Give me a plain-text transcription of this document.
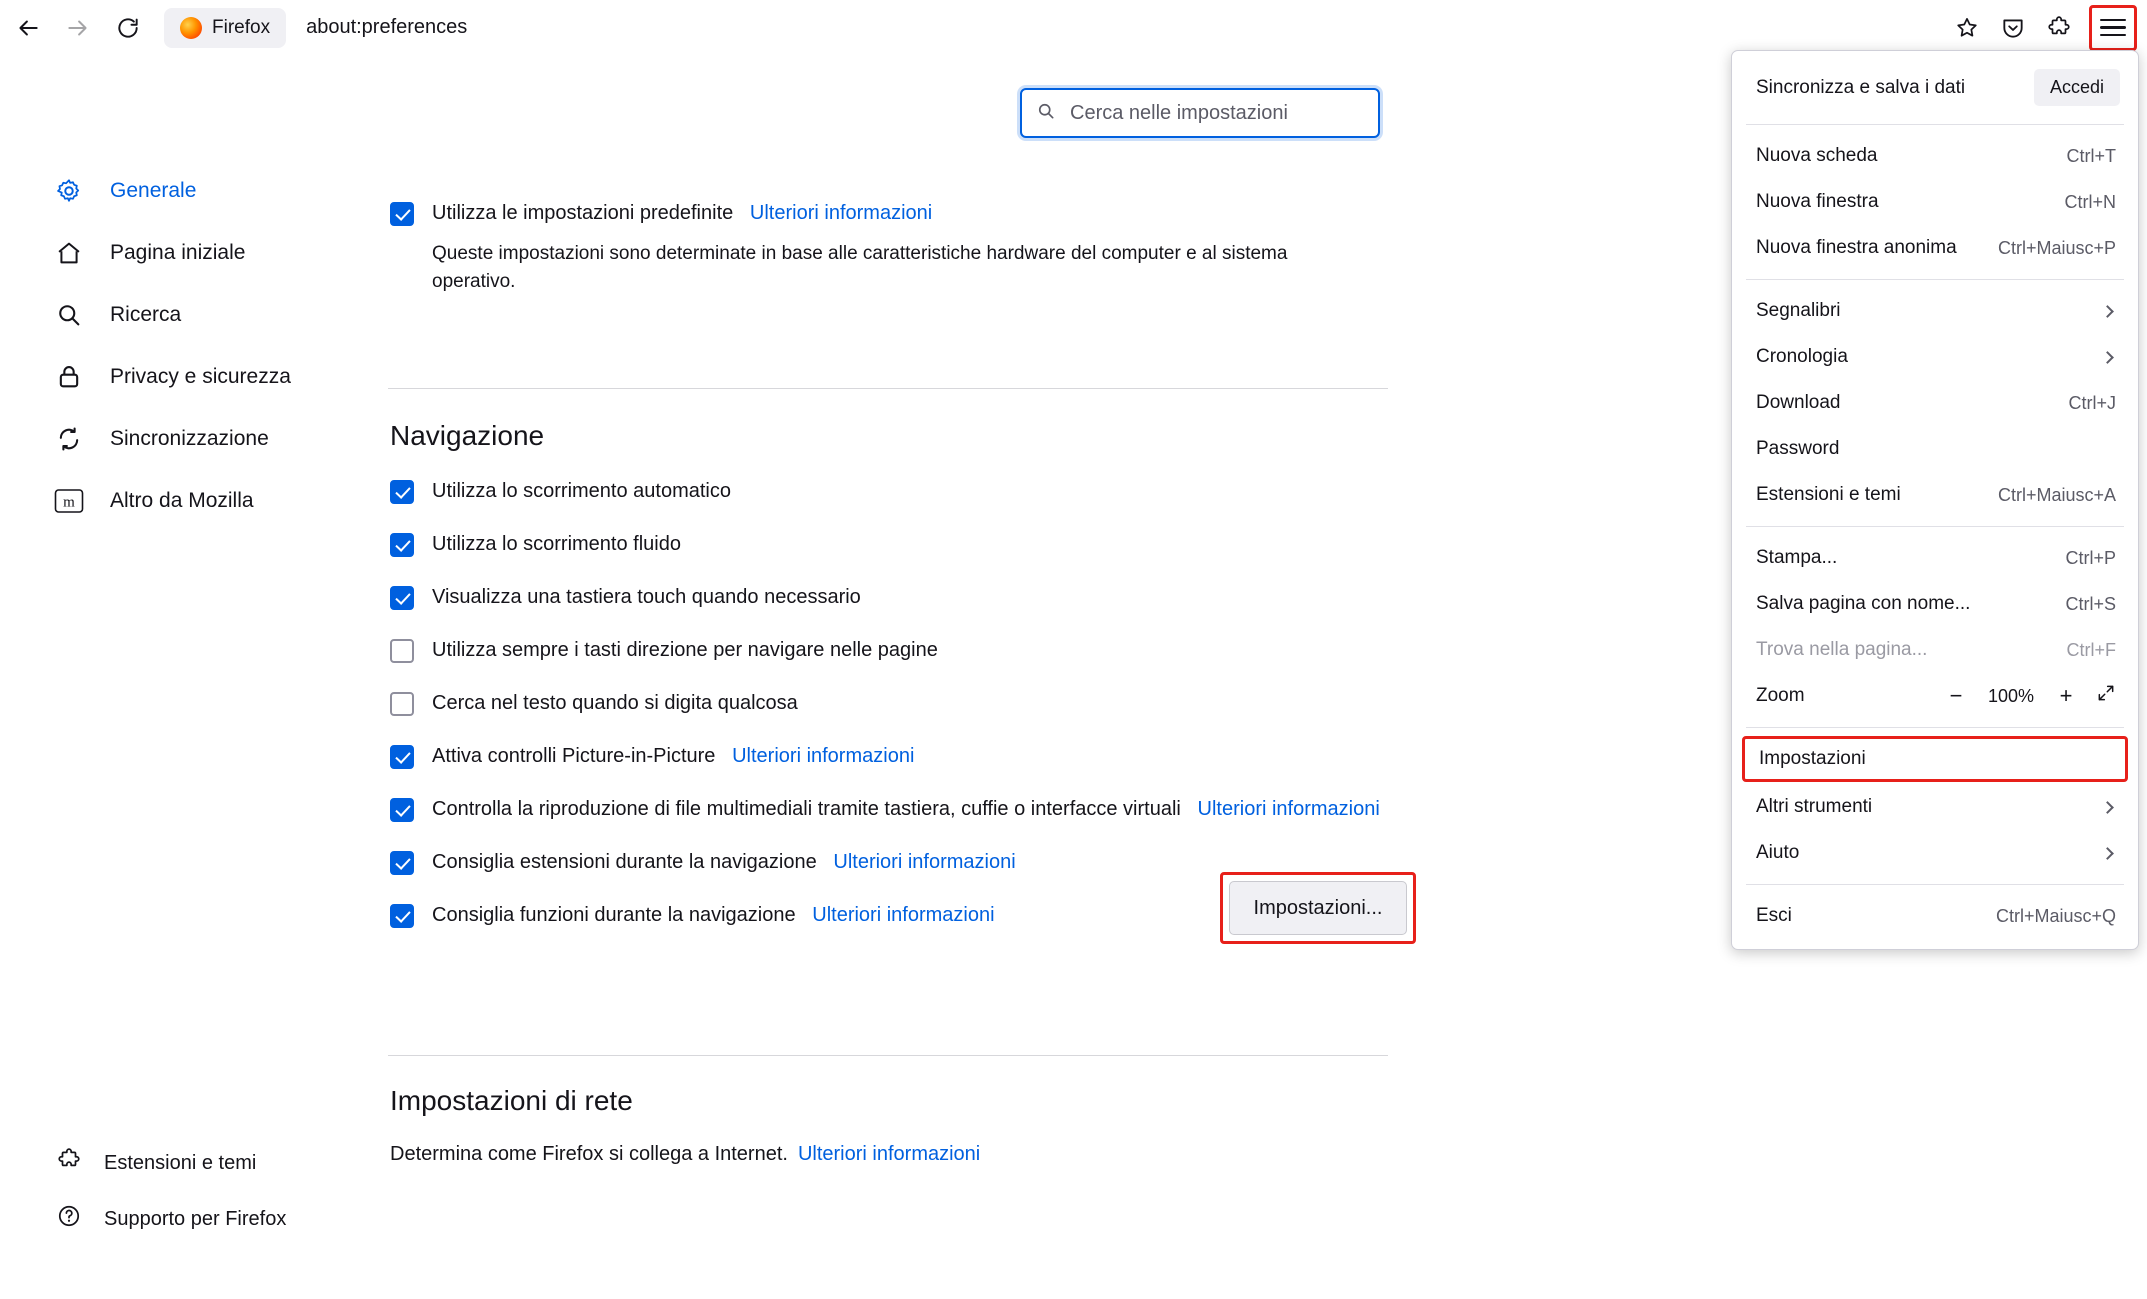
Firefox about:preferences
Generale
Pagina iniziale
Ricerca
Privacy e sicurezza
Sincronizzazione
m Altro da Mozilla
Estensioni e temi
Supporto per Firefox
Cerca nelle impostazioni
Utilizza le impostazioni predefinite Ulteriori informazioni
Queste impostazioni sono determinate in base alle caratteristiche hardware del computer e al sistema operativo.
Navigazione
Utilizza lo scorrimento automatico
Utilizza lo scorrimento fluido
Visualizza una tastiera touch quando necessario
Utilizza sempre i tasti direzione per navigare nelle pagine
Cerca nel testo quando si digita qualcosa
Attiva controlli Picture-in-Picture Ulteriori informazioni
Controlla la riproduzione di file multimediali tramite tastiera, cuffie o interfacce virtuali Ulteriori informazioni
Consiglia estensioni durante la navigazione Ulteriori informazioni
Consiglia funzioni durante la navigazione Ulteriori informazioni
Impostazioni di rete
Determina come Firefox si collega a Internet. Ulteriori informazioni
Impostazioni...
Sincronizza e salva i dati	Accedi
Nuova scheda	Ctrl+T
Nuova finestra	Ctrl+N
Nuova finestra anonima Ctrl+Maiusc+P
Segnalibri
Cronologia
Download	Ctrl+J
Password
Estensioni e temi	Ctrl+Maiusc+A
Stampa...	Ctrl+P
Salva pagina con nome...	Ctrl+S
Trova nella pagina...	Ctrl+F
Zoom	− 100% +
Impostazioni
Altri strumenti
Aiuto
Esci	Ctrl+Maiusc+Q
